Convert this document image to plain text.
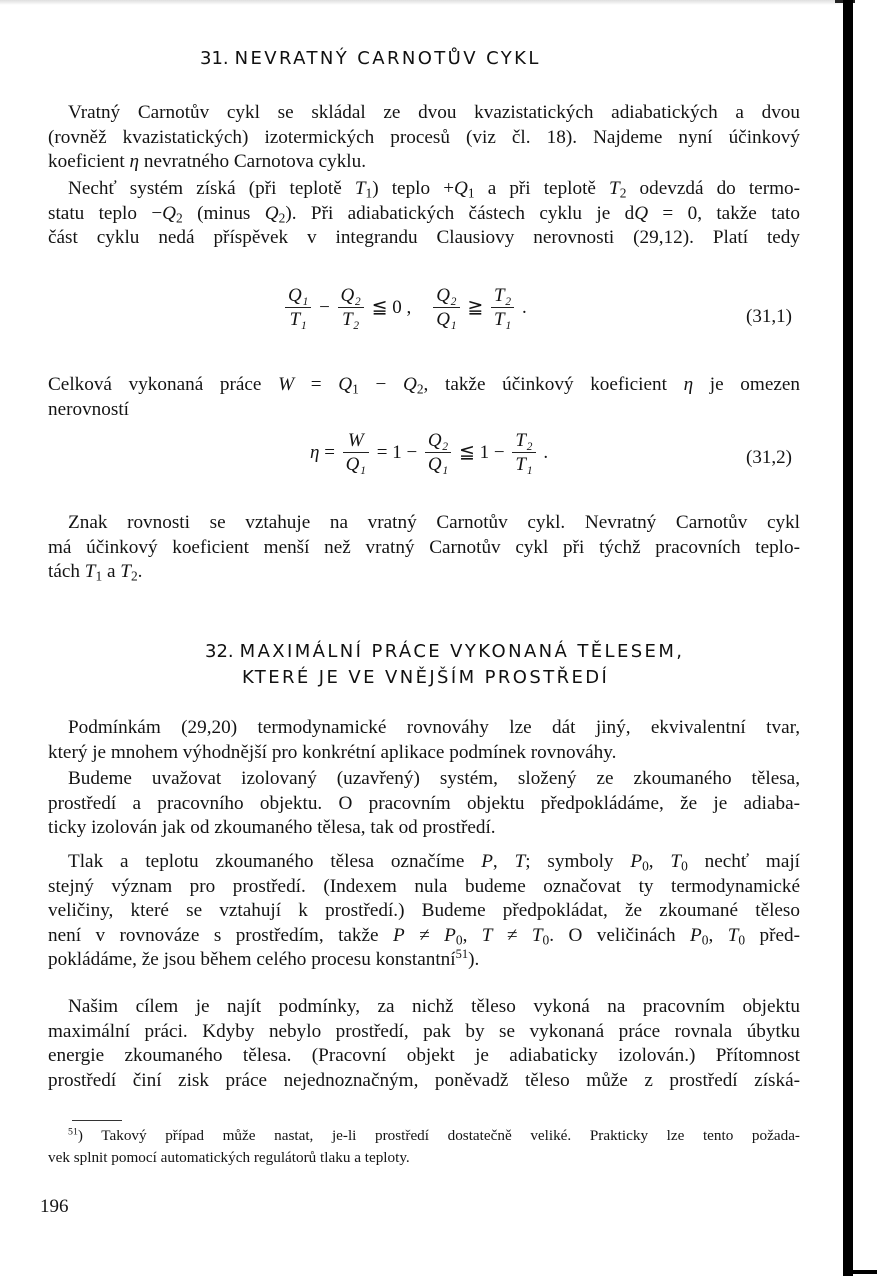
31. NEVRATNÝ CARNOTŮV CYKL
Vratný Carnotův cykl se skládal ze dvou kvazistatických adiabatických a dvou
(rovněž kvazistatických) izotermických procesů (viz čl. 18). Najdeme nyní účinkový
koeficient η nevratného Carnotova cyklu.
Nechť systém získá (při teplotě $T_1$) teplo $+Q_1$ a při teplotě $T_2$ odevzdá do termo-
statu teplo $-Q_2$ (minus $Q_2$). Při adiabatických částech cyklu je dQ = 0, takže tato
část cyklu nedá příspěvek v integrandu Clausiovy nerovnosti (29,12). Platí tedy
$\frac{\text{Q₁}}{\text{T₁}} - \frac{\text{Q₂}}{\text{T₂}}$ ≦ 0 , $\frac{\text{Q₂}}{\text{Q₁}}$ ≧ $\frac{\text{T₂}}{\text{T₁}}$ .	(31,1)
Celková vykonaná práce $W = Q_1 - Q_2$, takže účinkový koeficient η je omezen
nerovností
$\eta = \frac{W}{\text{Q₁}} = 1 - \frac{\text{Q₂}}{\text{Q₁}}$ ≦ $1 - \frac{\text{T₂}}{\text{T₁}}$ .	(31,2)
Znak rovnosti se vztahuje na vratný Carnotův cykl. Nevratný Carnotův cykl
má účinkový koeficient menší než vratný Carnotův cykl při týchž pracovních teplo-
tách $T_1$ a $T_2$.
Podmínkám (29,20) termodynamické rovnováhy lze dát jiný, ekvivalentní tvar,
který je mnohem výhodnější pro konkrétní aplikace podmínek rovnováhy.
Budeme uvažovat izolovaný (uzavřený) systém, složený ze zkoumaného tělesa,
prostředí a pracovního objektu. O pracovním objektu předpokládáme, že je adiaba-
ticky izolován jak od zkoumaného tělesa, tak od prostředí.
Tlak a teplotu zkoumaného tělesa označíme P, T; symboly $P_0$, $T_0$ nechť mají
stejný význam pro prostředí. (Indexem nula budeme označovat ty termodynamické
veličiny, které se vztahují k prostředí.) Budeme předpokládat, že zkoumané těleso
není v rovnováze s prostředím, takže $P \ne P_0$, $T \ne T_0$. O veličinách $P_0$, $T_0$ před-
pokládáme, že jsou během celého procesu konstantní$^{51}$).
Našim cílem je najít podmínky, za nichž těleso vykoná na pracovním objektu
maximální práci. Kdyby nebylo prostředí, pak by se vykonaná práce rovnala úbytku
energie zkoumaného tělesa. (Pracovní objekt je adiabaticky izolován.) Přítomnost
prostředí činí zisk práce nejednoznačným, poněvadž těleso může z prostředí získá-
32. MAXIMÁLNÍ PRÁCE VYKONANÁ TĚLESEM,
KTERÉ JE VE VNĚJŠÍM PROSTŘEDÍ
$^{51}$) Takový případ může nastat, je-li prostředí dostatečně veliké. Prakticky lze tento požada-
vek splnit pomocí automatických regulátorů tlaku a teploty.
196
